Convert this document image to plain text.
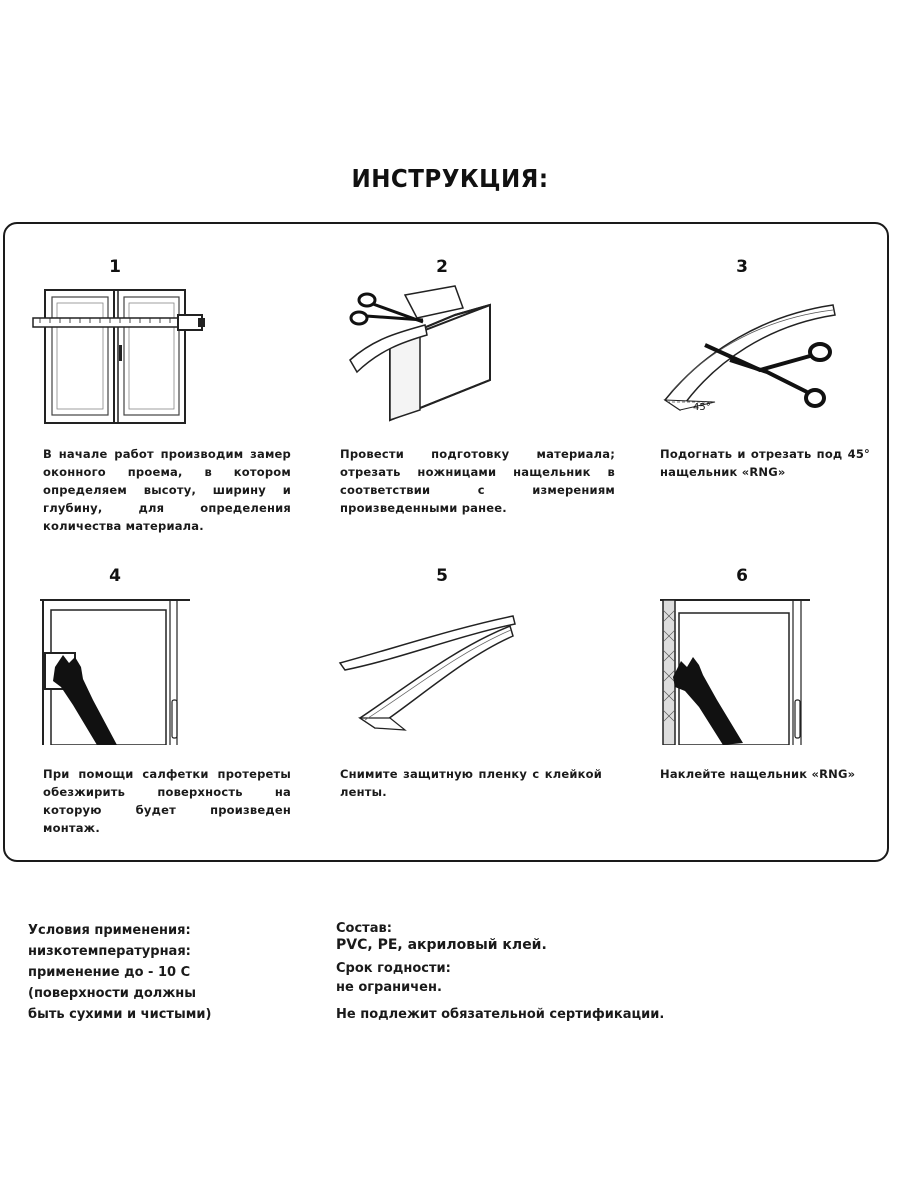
ИНСТРУКЦИЯ:
1	2	3
4	5	6
45°
В начале работ производим замер оконного проема, в котором определяем высоту, ширину и глубину, для определения количества материала.
Провести подготовку материала; отрезать ножницами нащельник в соответствии с измерениям произведенными ранее.
Подогнать и отрезать под 45° нащельник «RNG»
При помощи салфетки протереты обезжирить поверхность на которую будет произведен монтаж.
Снимите защитную пленку с клейкой ленты.
Наклейте нащельник «RNG»
Условия применения:
низкотемпературная:
применение до - 10 С
(поверхности должны
быть сухими и чистыми)
Состав:
PVC, PE, акриловый клей.
Срок годности:
не ограничен.
Не подлежит обязательной сертификации.
